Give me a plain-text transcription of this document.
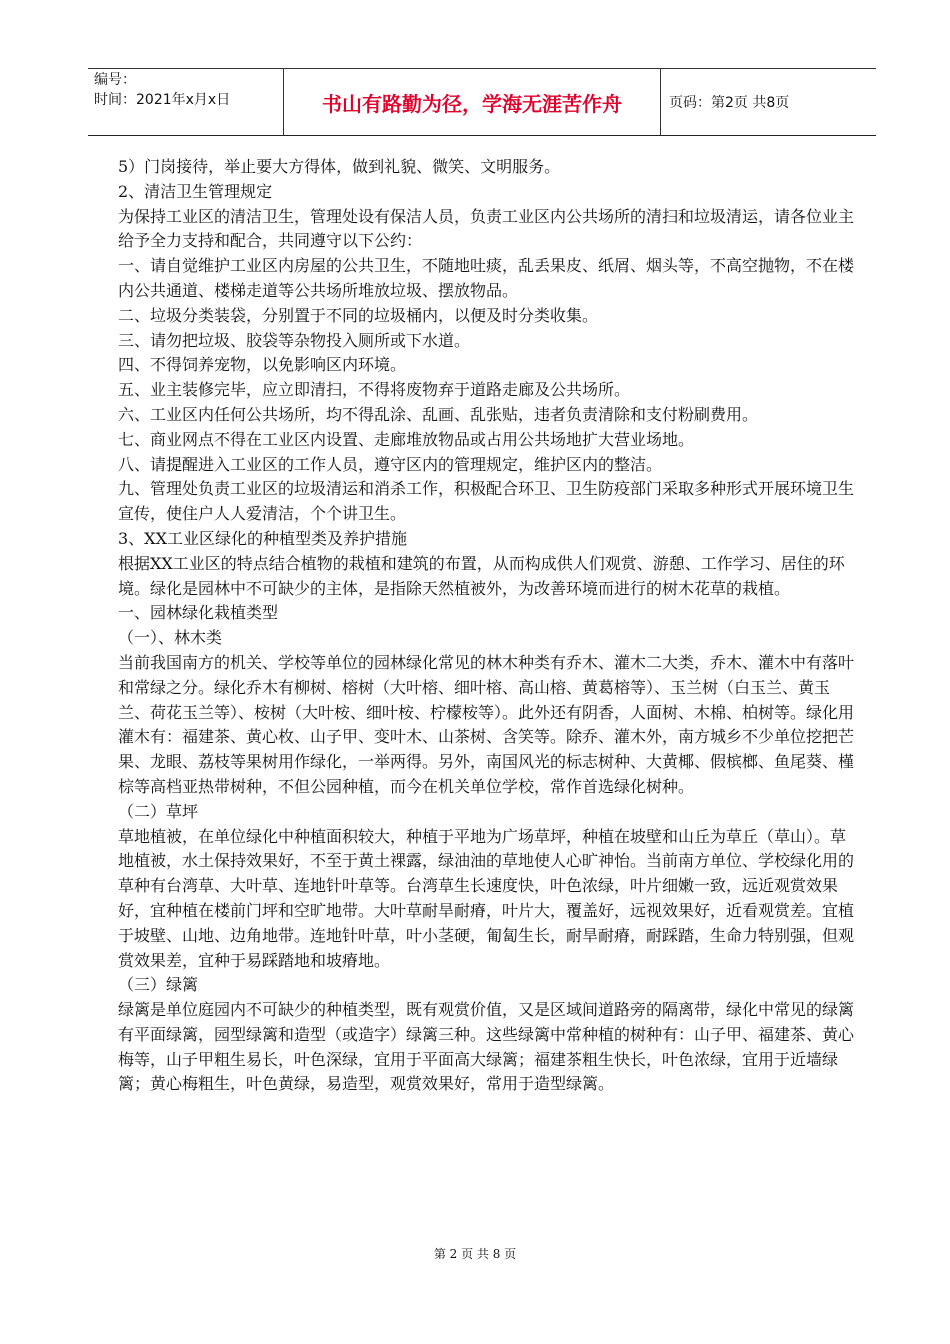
编号：
时间：2021年x月x日	书山有路勤为径，学海无涯苦作舟	页码：第2页 共8页

5）门岗接待，举止要大方得体，做到礼貌、微笑、文明服务。

2、清洁卫生管理规定

为保持工业区的清洁卫生，管理处设有保洁人员，负责工业区内公共场所的清扫和垃圾清运，请各位业主给予全力支持和配合，共同遵守以下公约：

一、请自觉维护工业区内房屋的公共卫生，不随地吐痰，乱丢果皮、纸屑、烟头等，不高空抛物，不在楼内公共通道、楼梯走道等公共场所堆放垃圾、摆放物品。

二、垃圾分类装袋，分别置于不同的垃圾桶内，以便及时分类收集。

三、请勿把垃圾、胶袋等杂物投入厕所或下水道。

四、不得饲养宠物，以免影响区内环境。

五、业主装修完毕，应立即清扫，不得将废物弃于道路走廊及公共场所。

六、工业区内任何公共场所，均不得乱涂、乱画、乱张贴，违者负责清除和支付粉刷费用。

七、商业网点不得在工业区内设置、走廊堆放物品或占用公共场地扩大营业场地。

八、请提醒进入工业区的工作人员，遵守区内的管理规定，维护区内的整洁。

九、管理处负责工业区的垃圾清运和消杀工作，积极配合环卫、卫生防疫部门采取多种形式开展环境卫生宣传，使住户人人爱清洁，个个讲卫生。

3、XX工业区绿化的种植型类及养护措施

根据XX工业区的特点结合植物的栽植和建筑的布置，从而构成供人们观赏、游憩、工作学习、居住的环境。绿化是园林中不可缺少的主体，是指除天然植被外，为改善环境而进行的树木花草的栽植。

一、园林绿化栽植类型

（一）、林木类

当前我国南方的机关、学校等单位的园林绿化常见的林木种类有乔木、灌木二大类，乔木、灌木中有落叶和常绿之分。绿化乔木有柳树、榕树（大叶榕、细叶榕、高山榕、黄葛榕等）、玉兰树（白玉兰、黄玉兰、荷花玉兰等）、桉树（大叶桉、细叶桉、柠檬桉等）。此外还有阴香，人面树、木棉、柏树等。绿化用灌木有：福建茶、黄心枚、山子甲、变叶木、山茶树、含笑等。除乔、灌木外，南方城乡不少单位挖把芒果、龙眼、荔枝等果树用作绿化，一举两得。另外，南国风光的标志树种、大黄椰、假槟榔、鱼尾葵、槿棕等高档亚热带树种，不但公园种植，而今在机关单位学校，常作首选绿化树种。

（二）草坪

草地植被，在单位绿化中种植面积较大，种植于平地为广场草坪，种植在坡壁和山丘为草丘（草山）。草地植被，水土保持效果好，不至于黄土裸露，绿油油的草地使人心旷神怡。当前南方单位、学校绿化用的草种有台湾草、大叶草、连地针叶草等。台湾草生长速度快，叶色浓绿，叶片细嫩一致，远近观赏效果好，宜种植在楼前门坪和空旷地带。大叶草耐旱耐瘠，叶片大，覆盖好，远视效果好，近看观赏差。宜植于坡壁、山地、边角地带。连地针叶草，叶小茎硬，匍匐生长，耐旱耐瘠，耐踩踏，生命力特别强，但观赏效果差，宜种于易踩踏地和坡瘠地。

（三）绿篱

绿篱是单位庭园内不可缺少的种植类型，既有观赏价值，又是区域间道路旁的隔离带，绿化中常见的绿篱有平面绿篱，园型绿篱和造型（或造字）绿篱三种。这些绿篱中常种植的树种有：山子甲、福建茶、黄心梅等，山子甲粗生易长，叶色深绿，宜用于平面高大绿篱；福建茶粗生快长，叶色浓绿，宜用于近墙绿篱；黄心梅粗生，叶色黄绿，易造型，观赏效果好，常用于造型绿篱。

第 2 页 共 8 页
